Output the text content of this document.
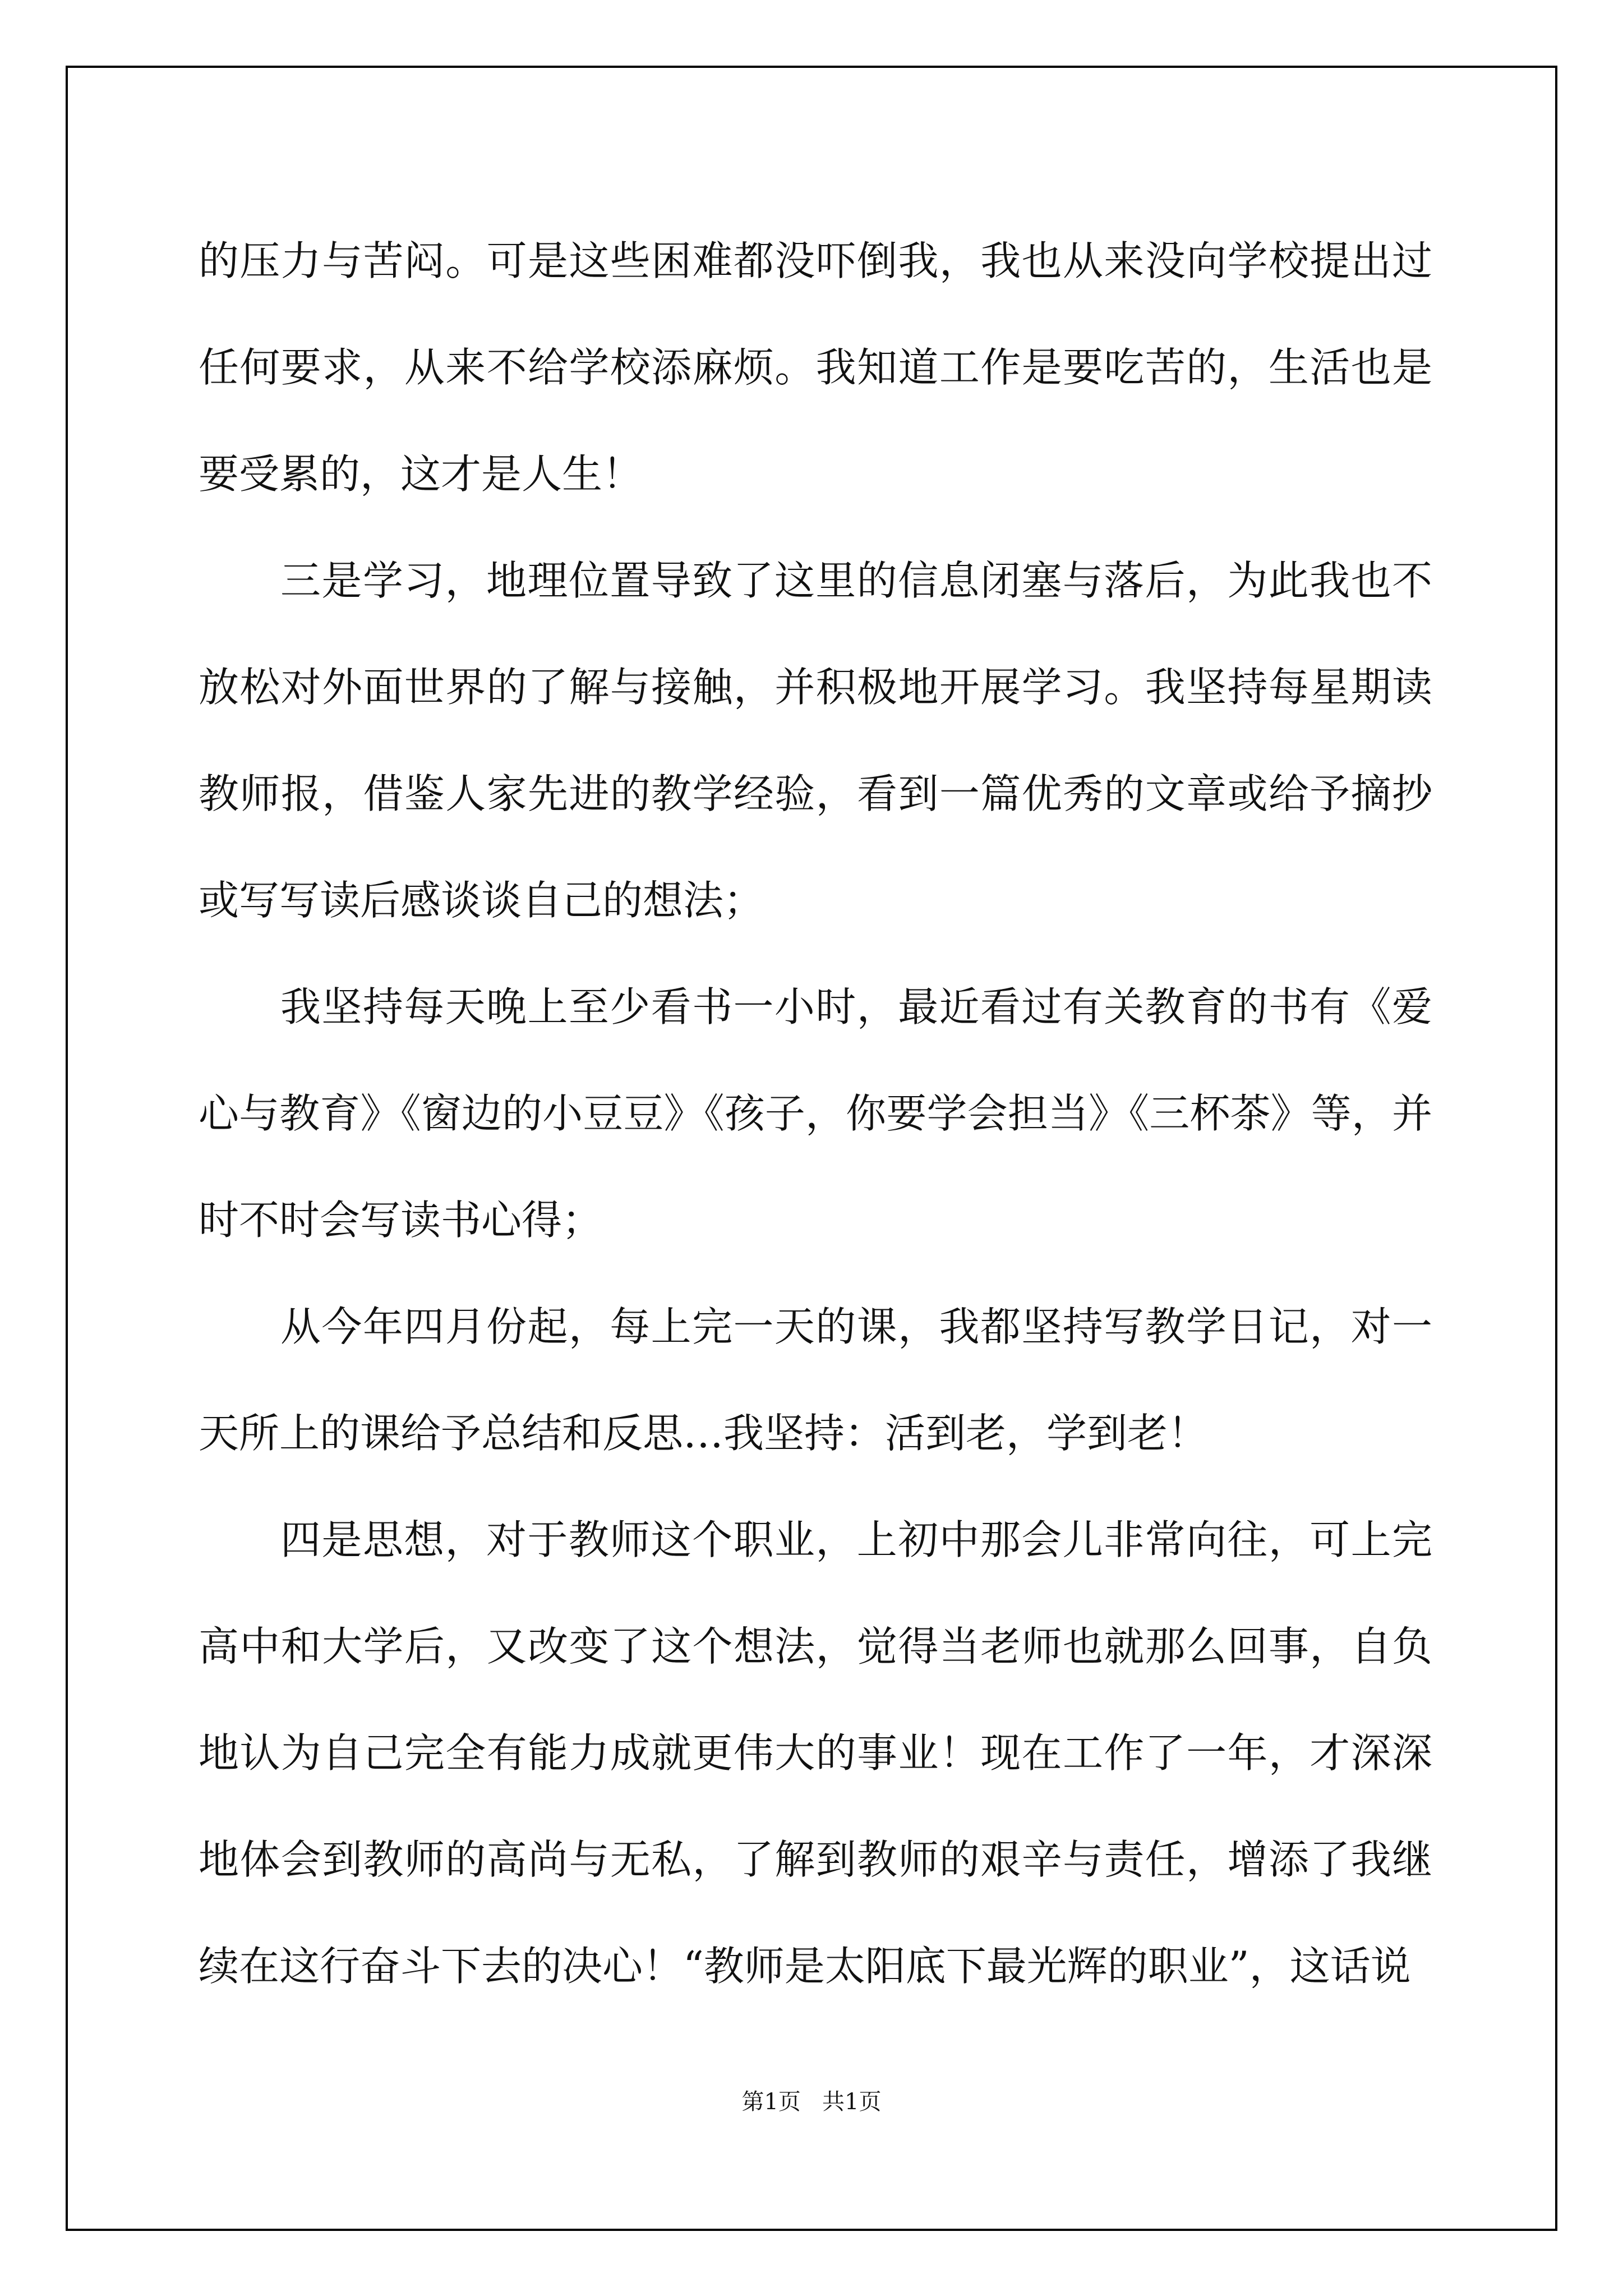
的压力与苦闷。可是这些困难都没吓倒我，我也从来没向学校提出过任何要求，从来不给学校添麻烦。我知道工作是要吃苦的，生活也是要受累的，这才是人生！

三是学习，地理位置导致了这里的信息闭塞与落后，为此我也不放松对外面世界的了解与接触，并积极地开展学习。我坚持每星期读教师报，借鉴人家先进的教学经验，看到一篇优秀的文章或给予摘抄或写写读后感谈谈自己的想法；

我坚持每天晚上至少看书一小时，最近看过有关教育的书有《爱心与教育》《窗边的小豆豆》《孩子，你要学会担当》《三杯茶》等，并时不时会写读书心得；

从今年四月份起，每上完一天的课，我都坚持写教学日记，对一天所上的课给予总结和反思…我坚持：活到老，学到老！

四是思想，对于教师这个职业，上初中那会儿非常向往，可上完高中和大学后，又改变了这个想法，觉得当老师也就那么回事，自负地认为自己完全有能力成就更伟大的事业！现在工作了一年，才深深地体会到教师的高尚与无私，了解到教师的艰辛与责任，增添了我继续在这行奋斗下去的决心！“教师是太阳底下最光辉的职业”，这话说

第1页   共1页
